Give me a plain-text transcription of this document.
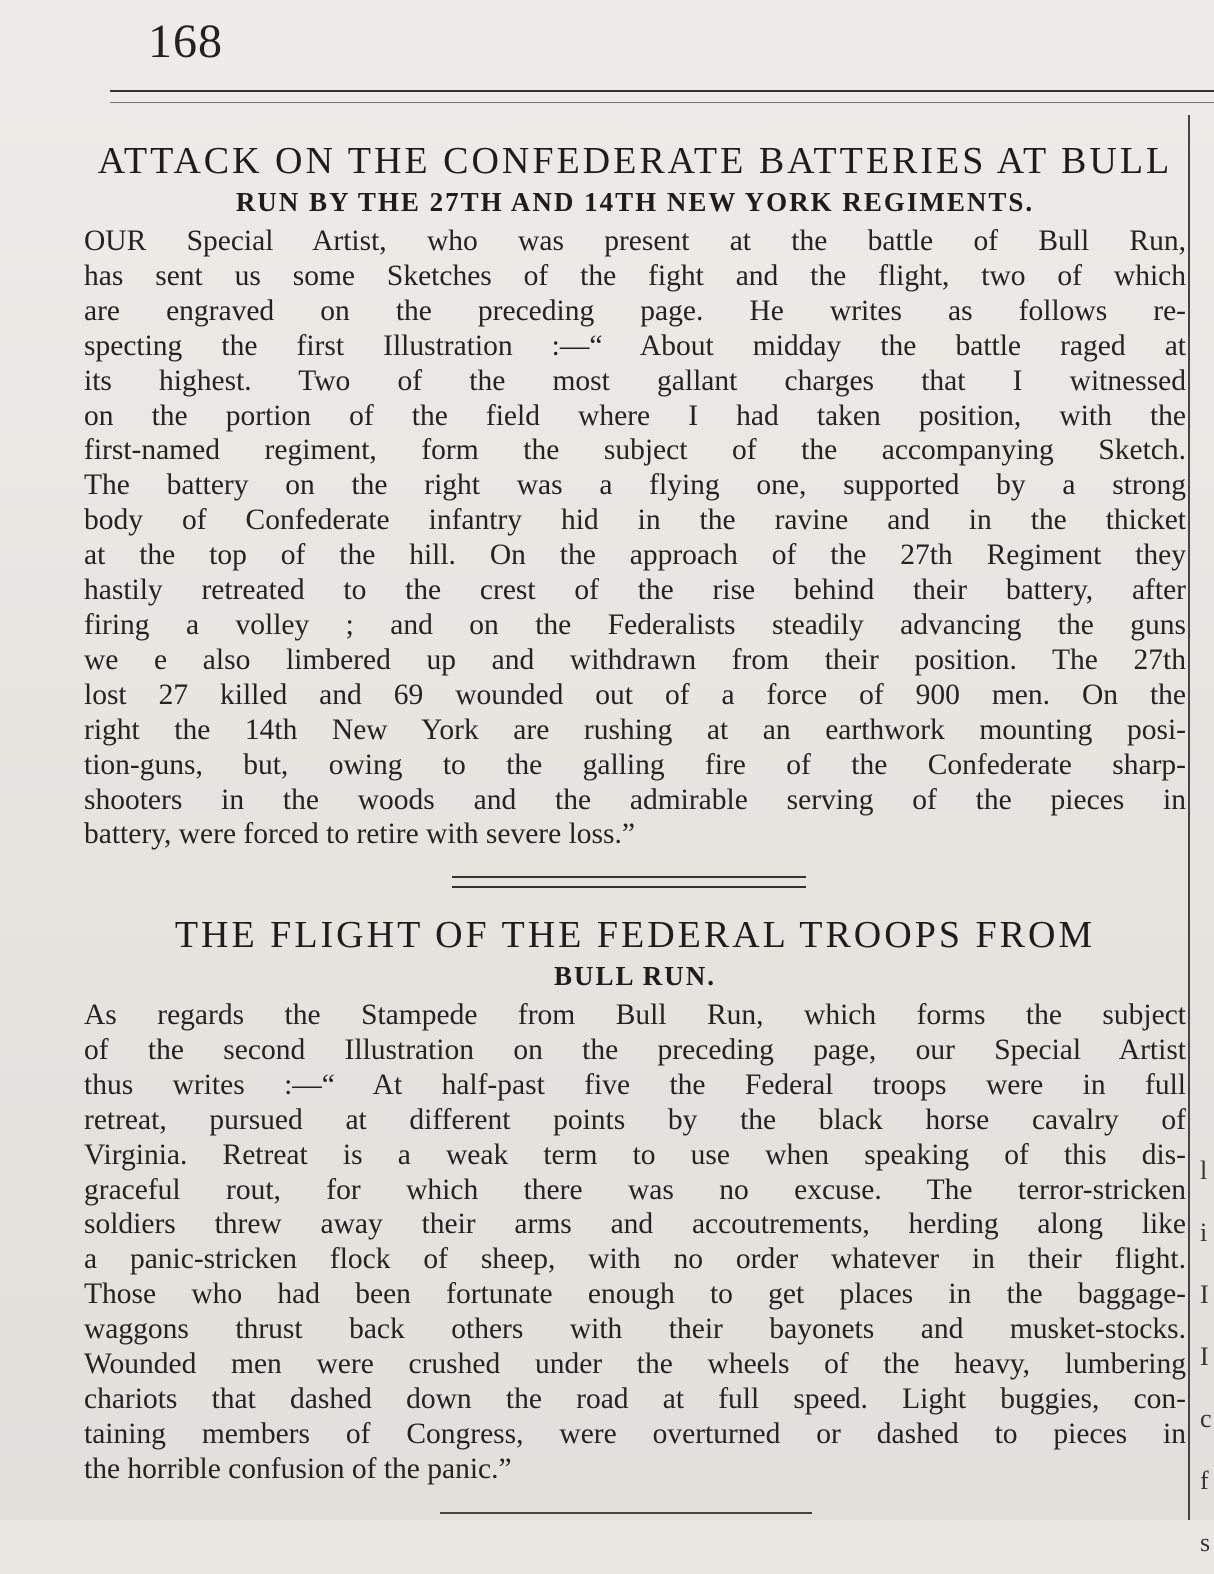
168
ATTACK ON THE CONFEDERATE BATTERIES AT BULL
RUN BY THE 27TH AND 14TH NEW YORK REGIMENTS.
OUR Special Artist, who was present at the battle of Bull Run,
has sent us some Sketches of the fight and the flight, two of which
are engraved on the preceding page. He writes as follows re-
specting the first Illustration :—“ About midday the battle raged at
its highest. Two of the most gallant charges that I witnessed
on the portion of the field where I had taken position, with the
first-named regiment, form the subject of the accompanying Sketch.
The battery on the right was a flying one, supported by a strong
body of Confederate infantry hid in the ravine and in the thicket
at the top of the hill. On the approach of the 27th Regiment they
hastily retreated to the crest of the rise behind their battery, after
firing a volley ; and on the Federalists steadily advancing the guns
we e also limbered up and withdrawn from their position. The 27th
lost 27 killed and 69 wounded out of a force of 900 men. On the
right the 14th New York are rushing at an earthwork mounting posi-
tion-guns, but, owing to the galling fire of the Confederate sharp-
shooters in the woods and the admirable serving of the pieces in
battery, were forced to retire with severe loss.”
THE FLIGHT OF THE FEDERAL TROOPS FROM
BULL RUN.
As regards the Stampede from Bull Run, which forms the subject
of the second Illustration on the preceding page, our Special Artist
thus writes :—“ At half-past five the Federal troops were in full
retreat, pursued at different points by the black horse cavalry of
Virginia. Retreat is a weak term to use when speaking of this dis-
graceful rout, for which there was no excuse. The terror-stricken
soldiers threw away their arms and accoutrements, herding along like
a panic-stricken flock of sheep, with no order whatever in their flight.
Those who had been fortunate enough to get places in the baggage-
waggons thrust back others with their bayonets and musket-stocks.
Wounded men were crushed under the wheels of the heavy, lumbering
chariots that dashed down the road at full speed. Light buggies, con-
taining members of Congress, were overturned or dashed to pieces in
the horrible confusion of the panic.”
l
i
I
I
c
f
s
